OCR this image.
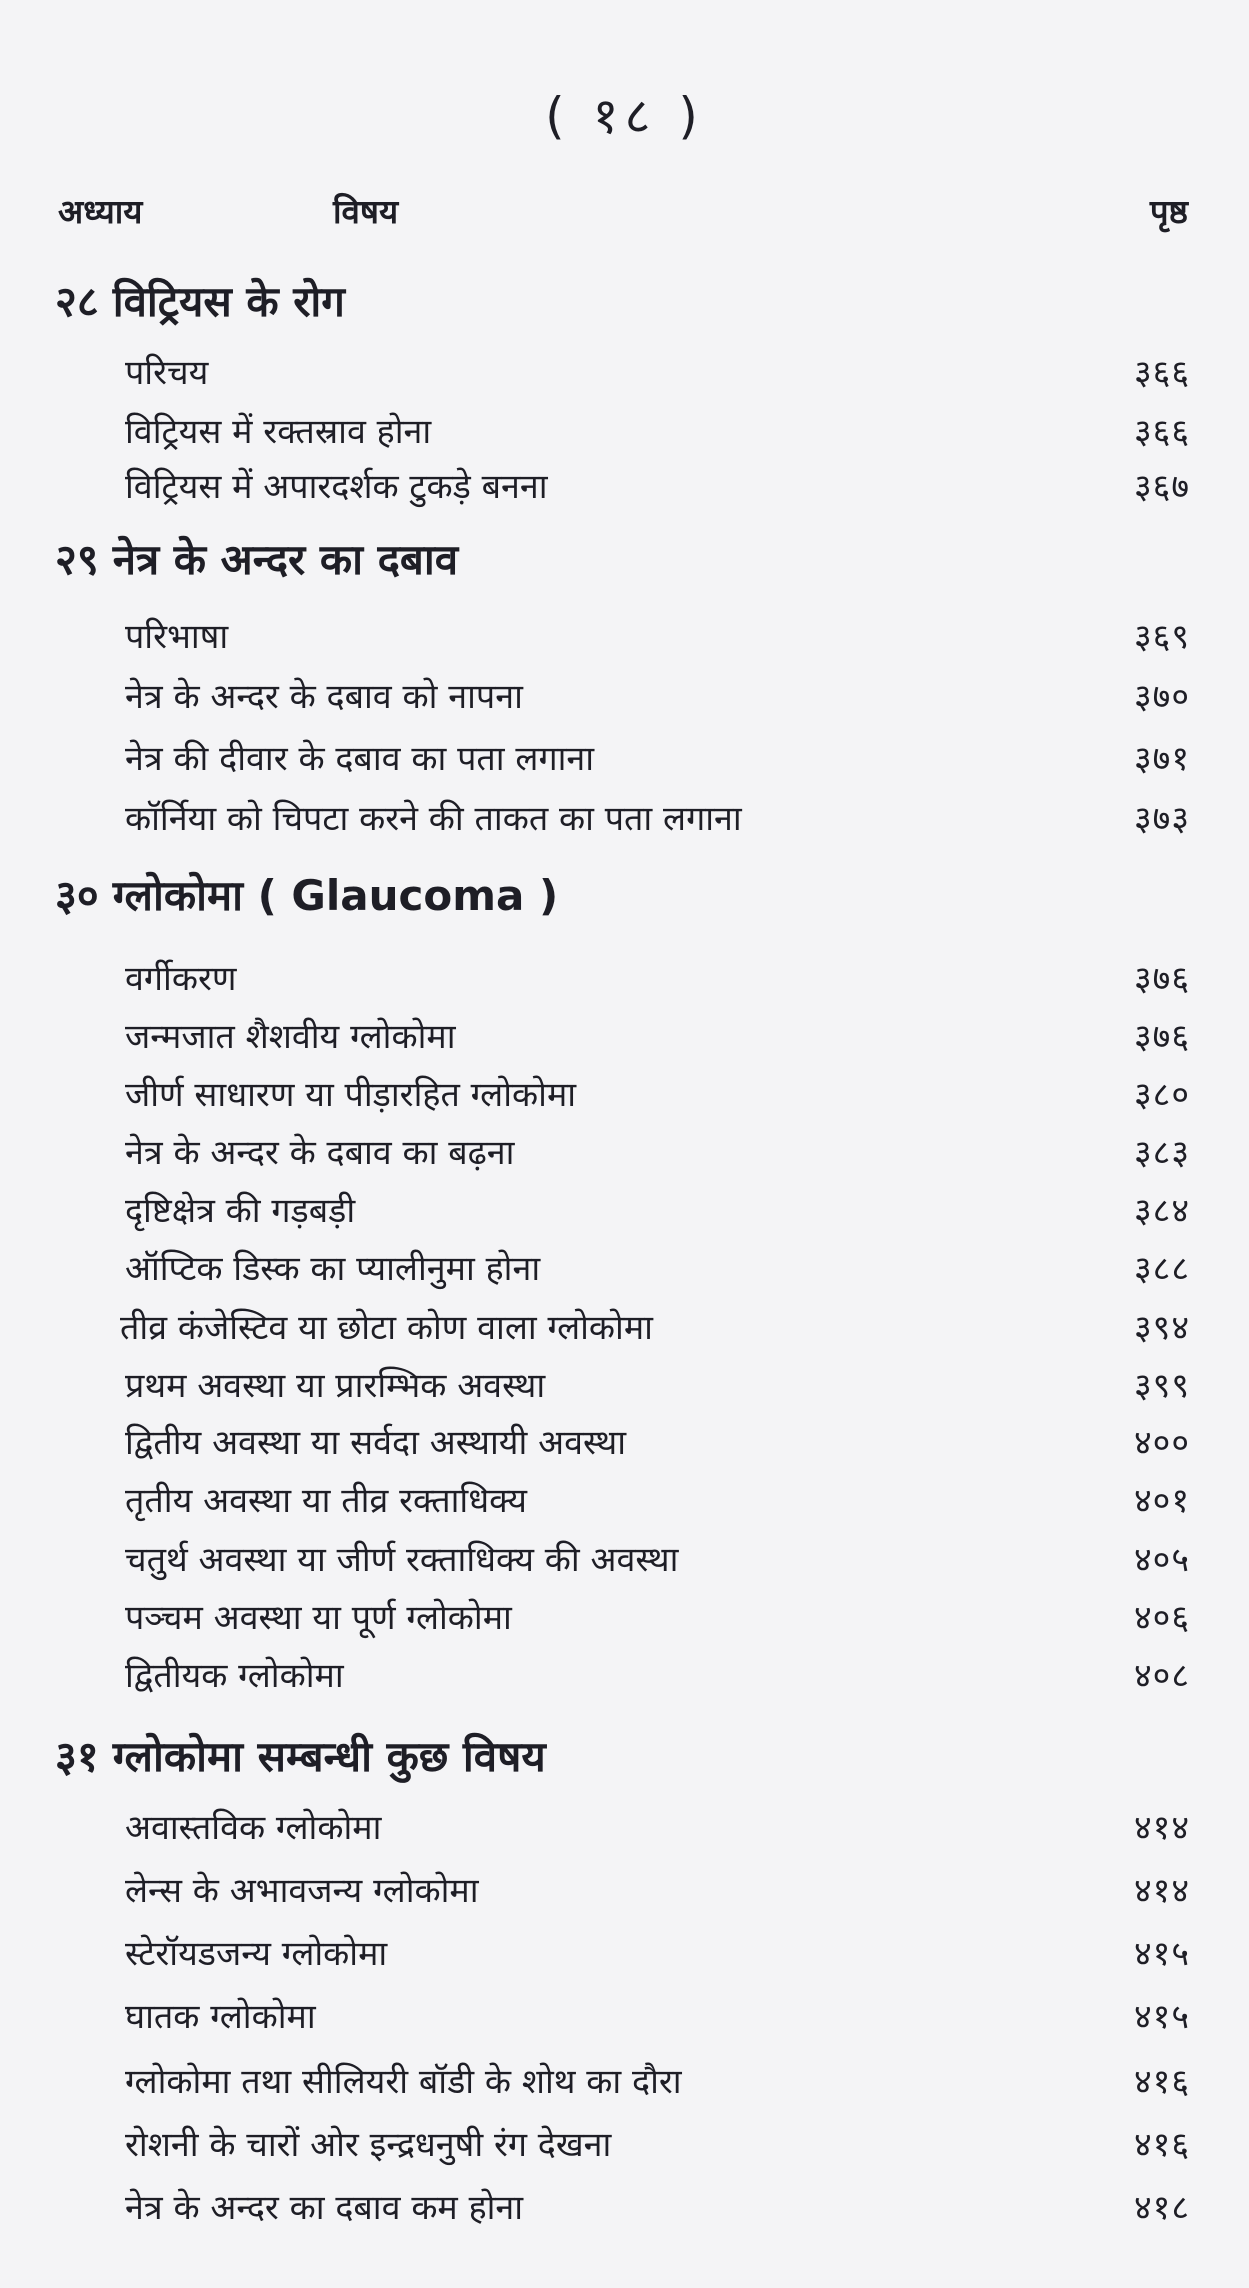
( १८ )
अध्याय	विषय	पृष्ठ
२८ विट्रियस के रोग
परिचय	३६६
विट्रियस में रक्तस्राव होना	३६६
विट्रियस में अपारदर्शक टुकड़े बनना	३६७
२९ नेत्र के अन्दर का दबाव
परिभाषा	३६९
नेत्र के अन्दर के दबाव को नापना	३७०
नेत्र की दीवार के दबाव का पता लगाना	३७१
कॉर्निया को चिपटा करने की ताकत का पता लगाना	३७३
३० ग्लोकोमा ( Glaucoma )
वर्गीकरण	३७६
जन्मजात शैशवीय ग्लोकोमा	३७६
जीर्ण साधारण या पीड़ारहित ग्लोकोमा	३८०
नेत्र के अन्दर के दबाव का बढ़ना	३८३
दृष्टिक्षेत्र की गड़बड़ी	३८४
ऑप्टिक डिस्क का प्यालीनुमा होना	३८८
तीव्र कंजेस्टिव या छोटा कोण वाला ग्लोकोमा	३९४
प्रथम अवस्था या प्रारम्भिक अवस्था	३९९
द्वितीय अवस्था या सर्वदा अस्थायी अवस्था	४००
तृतीय अवस्था या तीव्र रक्ताधिक्य	४०१
चतुर्थ अवस्था या जीर्ण रक्ताधिक्य की अवस्था	४०५
पञ्चम अवस्था या पूर्ण ग्लोकोमा	४०६
द्वितीयक ग्लोकोमा	४०८
३१ ग्लोकोमा सम्बन्धी कुछ विषय
अवास्तविक ग्लोकोमा	४१४
लेन्स के अभावजन्य ग्लोकोमा	४१४
स्टेरॉयडजन्य ग्लोकोमा	४१५
घातक ग्लोकोमा	४१५
ग्लोकोमा तथा सीलियरी बॉडी के शोथ का दौरा	४१६
रोशनी के चारों ओर इन्द्रधनुषी रंग देखना	४१६
नेत्र के अन्दर का दबाव कम होना	४१८
